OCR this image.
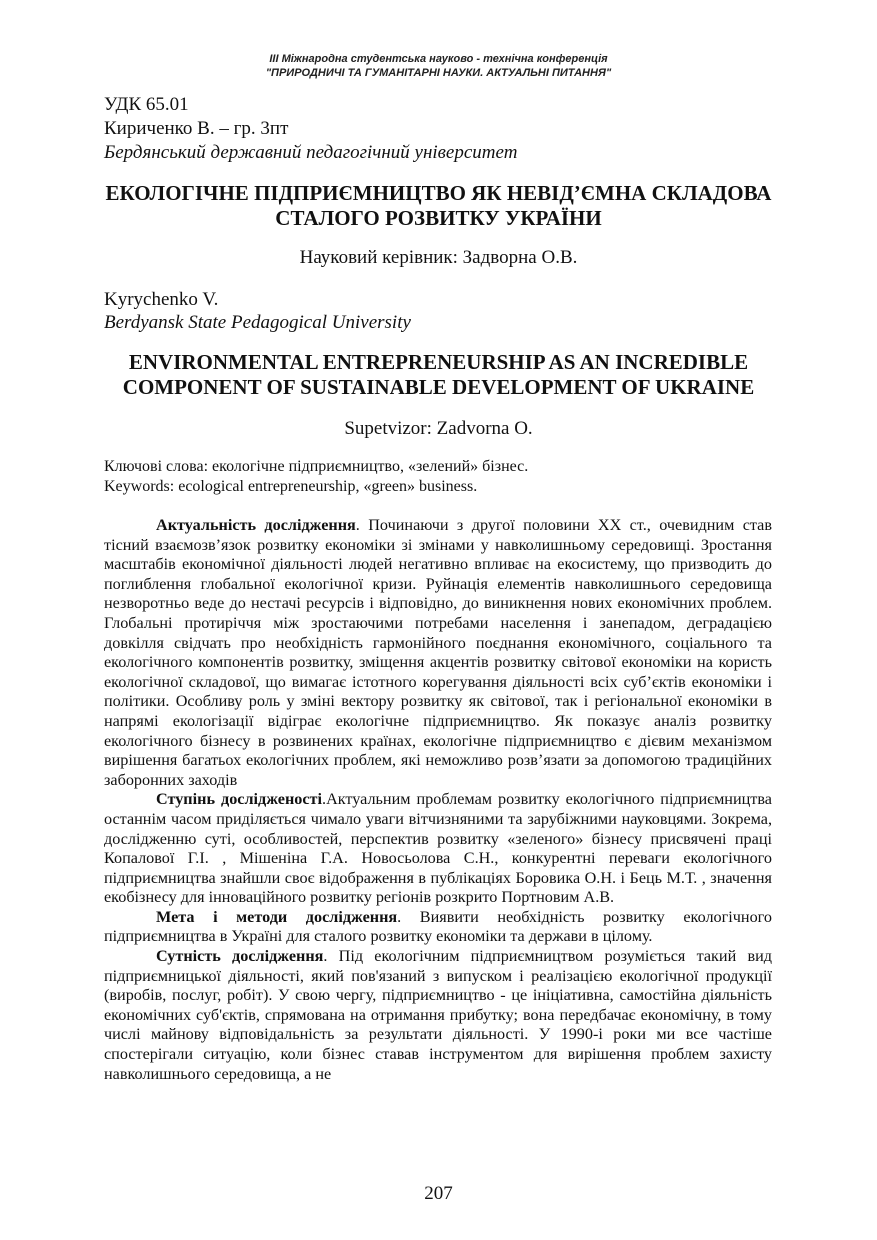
ІІІ Міжнародна студентська науково - технічна конференція
"ПРИРОДНИЧІ ТА ГУМАНІТАРНІ НАУКИ. АКТУАЛЬНІ ПИТАННЯ"
УДК 65.01
Кириченко В. – гр. 3пт
Бердянський державний педагогічний університет
ЕКОЛОГІЧНЕ ПІДПРИЄМНИЦТВО ЯК НЕВІД’ЄМНА СКЛАДОВА
СТАЛОГО РОЗВИТКУ УКРАЇНИ
Науковий керівник: Задворна О.В.
Kyrychenko V.
Berdyansk State Pedagogical University
ENVIRONMENTAL ENTREPRENEURSHIP AS AN INCREDIBLE
COMPONENT OF SUSTAINABLE DEVELOPMENT OF UKRAINE
Supetvizor: Zadvorna O.
Ключові слова: екологічне підприємництво, «зелений» бізнес.
Keywords: ecological entrepreneurship, «green» business.

Актуальність дослідження. Починаючи з другої половини XX ст., очевидним став тісний взаємозв’язок розвитку економіки зі змінами у навколишньому середовищі. Зростання масштабів економічної діяльності людей негативно впливає на екосистему, що призводить до поглиблення глобальної екологічної кризи. Руйнація елементів навколишнього середовища незворотньо веде до нестачі ресурсів і відповідно, до виникнення нових економічних проблем. Глобальні протиріччя між зростаючими потребами населення і занепадом, деградацією довкілля свідчать про необхідність гармонійного поєднання економічного, соціального та екологічного компонентів розвитку, зміщення акцентів розвитку світової економіки на користь екологічної складової, що вимагає істотного корегування діяльності всіх суб’єктів економіки і політики. Особливу роль у зміні вектору розвитку як світової, так і регіональної економіки в напрямі екологізації відіграє екологічне підприємництво. Як показує аналіз розвитку екологічного бізнесу в розвинених країнах, екологічне підприємництво є дієвим механізмом вирішення багатьох екологічних проблем, які неможливо розв’язати за допомогою традиційних заборонних заходів

Ступінь дослідженості.Актуальним проблемам розвитку екологічного підприємництва останнім часом приділяється чимало уваги вітчизняними та зарубіжними науковцями. Зокрема, дослідженню суті, особливостей, перспектив розвитку «зеленого» бізнесу присвячені праці Копалової Г.І. , Мішеніна Г.А. Новосьолова С.Н., конкурентні переваги екологічного підприємництва знайшли своє відображення в публікаціях Боровика О.Н. і Бець М.Т. , значення екобізнесу для інноваційного розвитку регіонів розкрито Портновим А.В.

Мета і методи дослідження. Виявити необхідність розвитку екологічного підприємництва в Україні для сталого розвитку економіки та держави в цілому.

Сутність дослідження. Під екологічним підприємництвом розуміється такий вид підприємницької діяльності, який пов'язаний з випуском і реалізацією екологічної продукції (виробів, послуг, робіт). У свою чергу, підприємництво - це ініціативна, самостійна діяльність економічних суб'єктів, спрямована на отримання прибутку; вона передбачає економічну, в тому числі майнову відповідальність за результати діяльності. У 1990-і роки ми все частіше спостерігали ситуацію, коли бізнес ставав інструментом для вирішення проблем захисту навколишнього середовища, а не

207
